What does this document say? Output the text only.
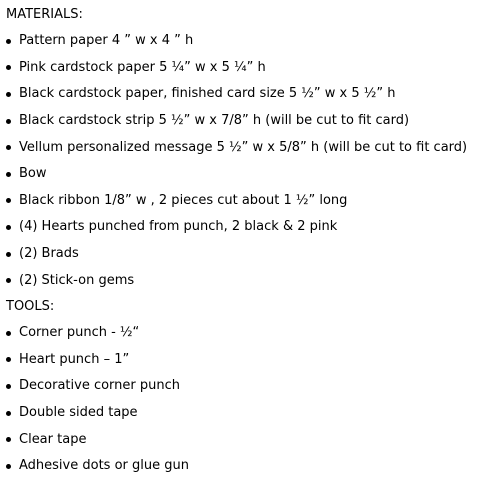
MATERIALS:
Pattern paper 4 ” w x 4 ” h
Pink cardstock paper 5 ¼” w x 5 ¼” h
Black cardstock paper, finished card size 5 ½” w x 5 ½” h
Black cardstock strip 5 ½” w x 7/8” h (will be cut to fit card)
Vellum personalized message 5 ½” w x 5/8” h (will be cut to fit card)
Bow
Black ribbon 1/8” w , 2 pieces cut about 1 ½” long
(4) Hearts punched from punch, 2 black & 2 pink
(2) Brads
(2) Stick-on gems
TOOLS:
Corner punch - ½“
Heart punch – 1”
Decorative corner punch
Double sided tape
Clear tape
Adhesive dots or glue gun
